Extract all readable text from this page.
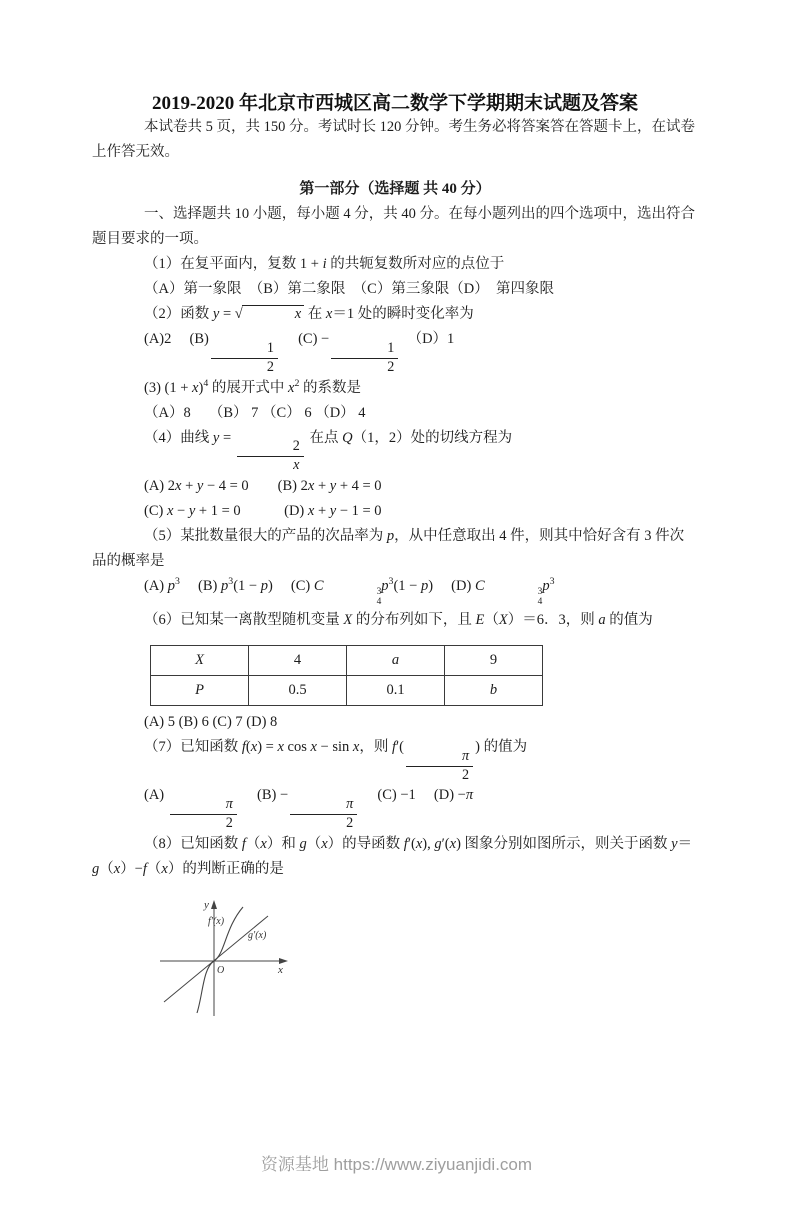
2019-2020 年北京市西城区高二数学下学期期末试题及答案

本试卷共 5 页，共 150 分。考试时长 120 分钟。考生务必将答案答在答题卡上，在试卷上作答无效。

第一部分（选择题 共 40 分）

一、选择题共 10 小题，每小题 4 分，共 40 分。在每小题列出的四个选项中，选出符合题目要求的一项。

（1）在复平面内，复数 1 + i 的共轭复数所对应的点位于

（A）第一象限　（B）第二象限　（C）第三象限（D）　第四象限

（2）函数 y = √	x 在 x＝1 处的瞬时变化率为

(A)2　 (B)
$\frac{1}{2}$
　 (C) −
$\frac{1}{2}$
　（D）1

(3) $(1 + x)^4$ 的展开式中 $x^2$ 的系数是

（A）8　 （B） 7 （C） 6 （D） 4

（4）曲线 y =
$\frac{2}{x}$
在点 Q（1，2）处的切线方程为

(A) 2x + y − 4 = 0　　(B) 2x + y + 4 = 0

(C) x − y + 1 = 0　　　(D) x + y − 1 = 0

（5）某批数量很大的产品的次品率为 p，从中任意取出 4 件，则其中恰好含有 3 件次品的概率是

(A) $p^3$　 (B) $p^3(1 - p)$　 (C) C	3
4
$p^3(1 - p)$　 (D) C	3
4
$p^3$

（6）已知某一离散型随机变量 X 的分布列如下，且 E（X）＝6．3，则 a 的值为

X	4	a	9
P	0.5	0.1	b

(A) 5 (B) 6 (C) 7 (D) 8

（7）已知函数 f(x) = x cos x − sin x，则 f′(
$\frac{\pi}{2}$
) 的值为

(A)
$\frac{\pi}{2}$
　 (B) −
$\frac{\pi}{2}$
　 (C) −1　 (D) −π

（8）已知函数 f（x）和 g（x）的导函数 f′(x), g′(x) 图象分别如图所示，则关于函数 y＝g（x）−f（x）的判断正确的是

y
x
O
f′(x)
g′(x)
资源基地 https://www.ziyuanjidi.com
